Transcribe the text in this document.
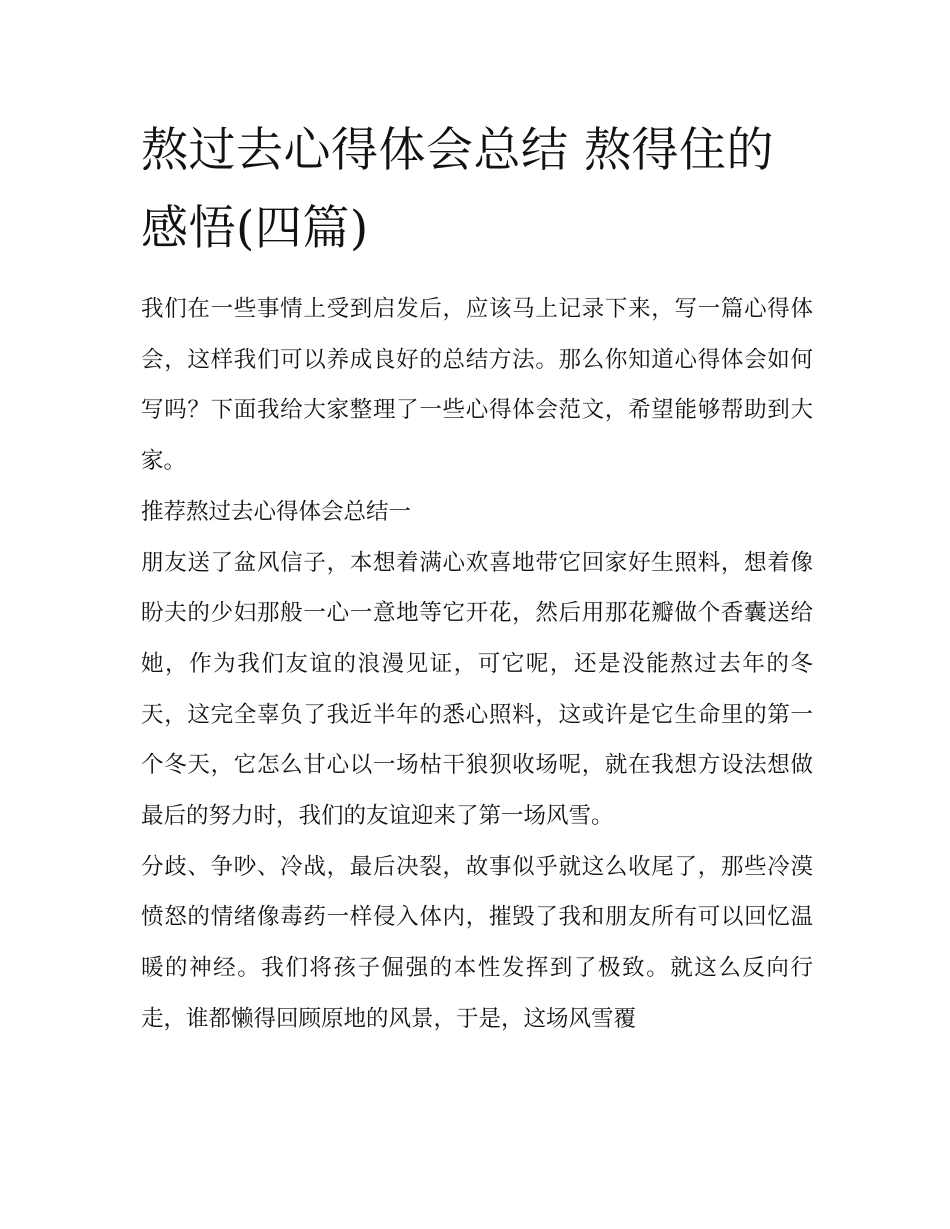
熬过去心得体会总结 熬得住的感悟(四篇)

我们在一些事情上受到启发后，应该马上记录下来，写一篇心得体会，这样我们可以养成良好的总结方法。那么你知道心得体会如何写吗？下面我给大家整理了一些心得体会范文，希望能够帮助到大家。

推荐熬过去心得体会总结一

朋友送了盆风信子，本想着满心欢喜地带它回家好生照料，想着像盼夫的少妇那般一心一意地等它开花，然后用那花瓣做个香囊送给她，作为我们友谊的浪漫见证，可它呢，还是没能熬过去年的冬天，这完全辜负了我近半年的悉心照料，这或许是它生命里的第一个冬天，它怎么甘心以一场枯干狼狈收场呢，就在我想方设法想做最后的努力时，我们的友谊迎来了第一场风雪。

分歧、争吵、冷战，最后决裂，故事似乎就这么收尾了，那些冷漠愤怒的情绪像毒药一样侵入体内，摧毁了我和朋友所有可以回忆温暖的神经。我们将孩子倔强的本性发挥到了极致。就这么反向行走，谁都懒得回顾原地的风景，于是，这场风雪覆
